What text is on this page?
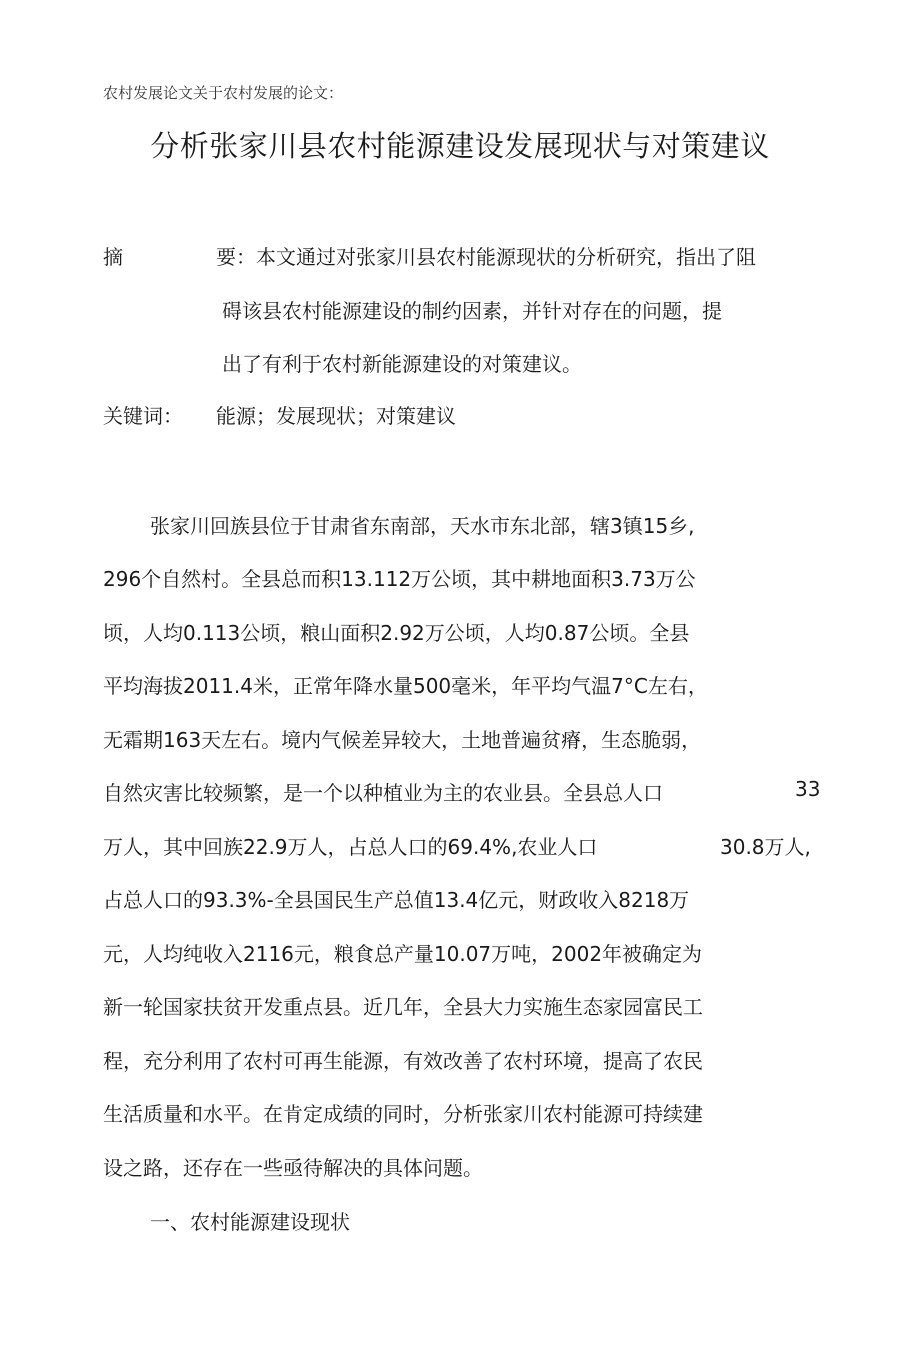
农村发展论文关于农村发展的论文：
分析张家川县农村能源建设发展现状与对策建议
摘	要：本文通过对张家川县农村能源现状的分析研究，指出了阻
碍该县农村能源建设的制约因素，并针对存在的问题，提
出了有利于农村新能源建设的对策建议。
关键词： 能源；发展现状；对策建议
张家川回族县位于甘肃省东南部，天水市东北部，辖3镇15乡,
296个自然村。全县总而积13.112万公顷，其中耕地面积3.73万公
顷，人均0.113公顷，粮山面积2.92万公顷，人均0.87公顷。全县
平均海拔2011.4米，正常年降水量500毫米，年平均气温7°C左右，
无霜期163天左右。境内气候差异较大，土地普遍贫瘠，生态脆弱，
自然灾害比较频繁，是一个以种植业为主的农业县。全县总人口	33
万人，其中回族22.9万人，占总人口的69.4%,农业人口	30.8万人,
占总人口的93.3%-全县国民生产总值13.4亿元，财政收入8218万
元，人均纯收入2116元，粮食总产量10.07万吨，2002年被确定为
新一轮国家扶贫开发重点县。近几年，全县大力实施生态家园富民工
程，充分利用了农村可再生能源，有效改善了农村环境，提高了农民
生活质量和水平。在肯定成绩的同时，分析张家川农村能源可持续建
设之路，还存在一些亟待解决的具体问题。
一、农村能源建设现状
